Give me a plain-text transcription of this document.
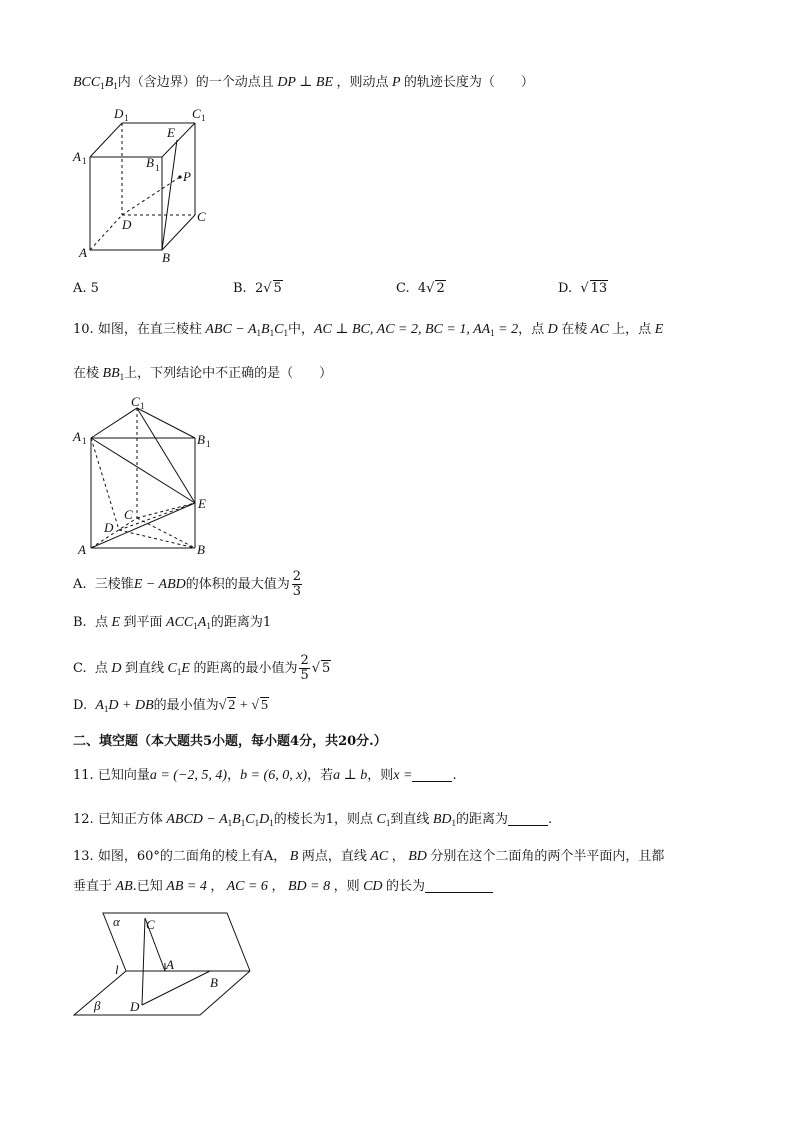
$BCC_1B_1$内（含边界）的一个动点且 DP ⊥ BE ，则动点 P 的轨迹长度为（　　）
D 1	C 1
E
A 1	B 1
P
D
C
A	B
A. 5	B. 2√ 5	C. 4√ 2	D.  √ 13
10. 如图，在直三棱柱 ABC − $A_1B_1C_1$中，AC ⊥ BC, AC = 2, BC = 1, $AA_1 = 2$，点 D 在棱 AC 上，点 E
在棱 $BB_1$上，下列结论中不正确的是（　　）
C 1
A 1	B 1
E
C
D
A	B
A. 三棱锥E − ABD的体积的最大值为 $\frac{2}{3}$
B. 点 E 到平面 $ACC_1A_1$的距离为1
C. 点 D 到直线 $C_1E$ 的距离的最小值为 $\frac{2}{5}$ √ 5
D. $A_1D$ + DB的最小值为√ 2 + √ 5
二、填空题（本大题共5小题，每小题4分，共20分.）
11. 已知向量a = (−2, 5, 4)，b = (6, 0, x)，若a ⊥ b，则x =	.
12. 已知正方体 ABCD − $A_1B_1C_1D_1$的棱长为1，则点 $C_1$到直线 $BD_1$的距离为	.
13. 如图，60°的二面角的棱上有A， B 两点，直线 AC ， BD 分别在这个二面角的两个半平面内，且都
垂直于 AB.已知 AB = 4 ， AC = 6 ， BD = 8 ，则 CD 的长为
α C
A
l
B
β D
